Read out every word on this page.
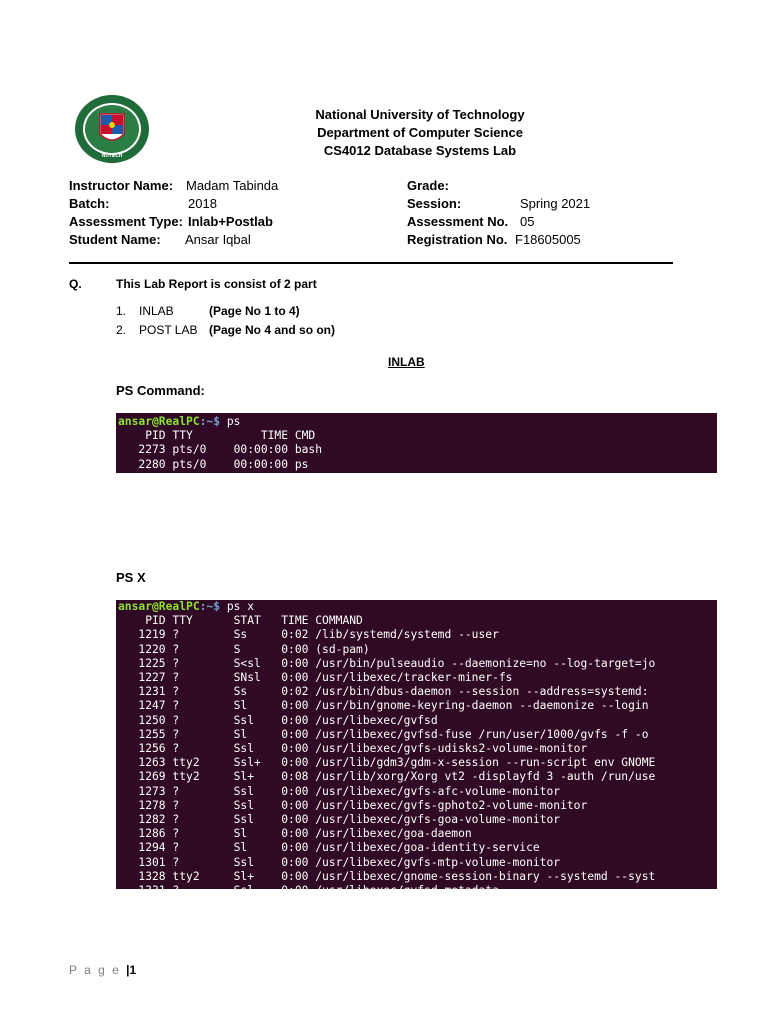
NUTECH
National University of Technology
Department of Computer Science
CS4012 Database Systems Lab
Instructor Name: Madam Tabinda
Batch:	2018
Assessment Type: Inlab+Postlab
Student Name: Ansar Iqbal
Grade:
Session:	Spring 2021
Assessment No. 05
Registration No. F18605005
Q.	This Lab Report is consist of 2 part
1. INLAB	(Page No 1 to 4)
2. POST LAB (Page No 4 and so on)
INLAB
PS Command:
ansar@RealPC:~$ ps
PID TTY          TIME CMD
2273 pts/0    00:00:00 bash
2280 pts/0    00:00:00 ps
PS X
ansar@RealPC:~$ ps x
PID TTY      STAT   TIME COMMAND
1219 ?        Ss     0:02 /lib/systemd/systemd --user
1220 ?        S      0:00 (sd-pam)
1225 ?        S<sl   0:00 /usr/bin/pulseaudio --daemonize=no --log-target=jo
1227 ?        SNsl   0:00 /usr/libexec/tracker-miner-fs
1231 ?        Ss     0:02 /usr/bin/dbus-daemon --session --address=systemd:
1247 ?        Sl     0:00 /usr/bin/gnome-keyring-daemon --daemonize --login
1250 ?        Ssl    0:00 /usr/libexec/gvfsd
1255 ?        Sl     0:00 /usr/libexec/gvfsd-fuse /run/user/1000/gvfs -f -o
1256 ?        Ssl    0:00 /usr/libexec/gvfs-udisks2-volume-monitor
1263 tty2     Ssl+   0:00 /usr/lib/gdm3/gdm-x-session --run-script env GNOME
1269 tty2     Sl+    0:08 /usr/lib/xorg/Xorg vt2 -displayfd 3 -auth /run/use
1273 ?        Ssl    0:00 /usr/libexec/gvfs-afc-volume-monitor
1278 ?        Ssl    0:00 /usr/libexec/gvfs-gphoto2-volume-monitor
1282 ?        Ssl    0:00 /usr/libexec/gvfs-goa-volume-monitor
1286 ?        Sl     0:00 /usr/libexec/goa-daemon
1294 ?        Sl     0:00 /usr/libexec/goa-identity-service
1301 ?        Ssl    0:00 /usr/libexec/gvfs-mtp-volume-monitor
1328 tty2     Sl+    0:00 /usr/libexec/gnome-session-binary --systemd --syst
1331 ?        Ssl    0:00 /usr/libexec/gvfsd-metadata
P a g e |1
